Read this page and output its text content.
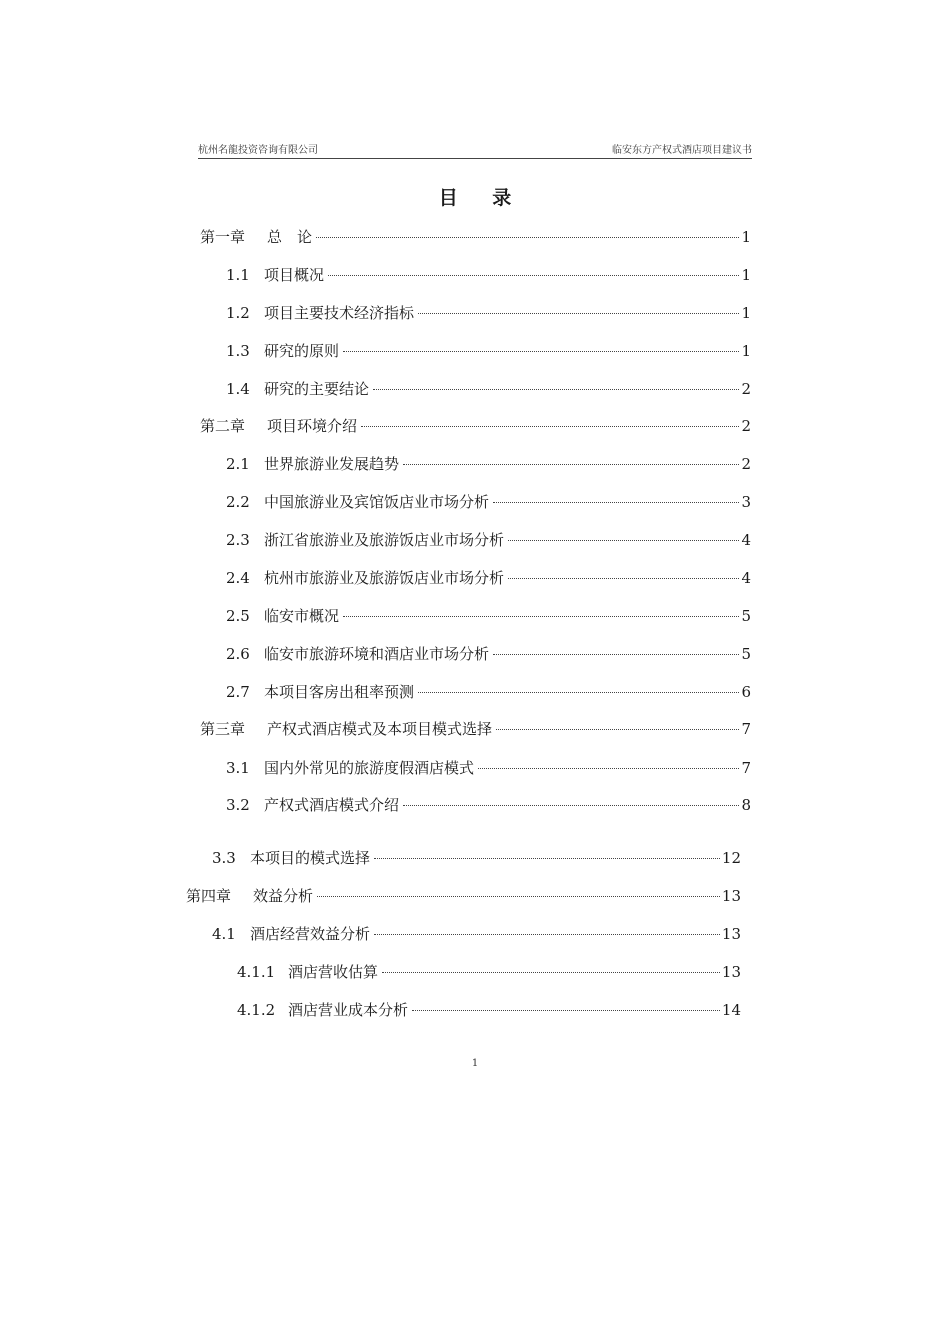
杭州名龍投资咨询有限公司	临安东方产权式酒店项目建议书
目 录
第一章	总　论	1
1.1 项目概况	1
1.2 项目主要技术经济指标	1
1.3 研究的原则	1
1.4 研究的主要结论	2
第二章	项目环境介绍	2
2.1 世界旅游业发展趋势	2
2.2 中国旅游业及宾馆饭店业市场分析	3
2.3 浙江省旅游业及旅游饭店业市场分析	4
2.4 杭州市旅游业及旅游饭店业市场分析	4
2.5 临安市概况	5
2.6 临安市旅游环境和酒店业市场分析	5
2.7 本项目客房出租率预测	6
第三章	产权式酒店模式及本项目模式选择	7
3.1 国内外常见的旅游度假酒店模式	7
3.2 产权式酒店模式介绍	8
3.3 本项目的模式选择	12
第四章	效益分析	13
4.1 酒店经营效益分析	13
4.1.1 酒店营收估算	13
4.1.2 酒店营业成本分析	14
1
